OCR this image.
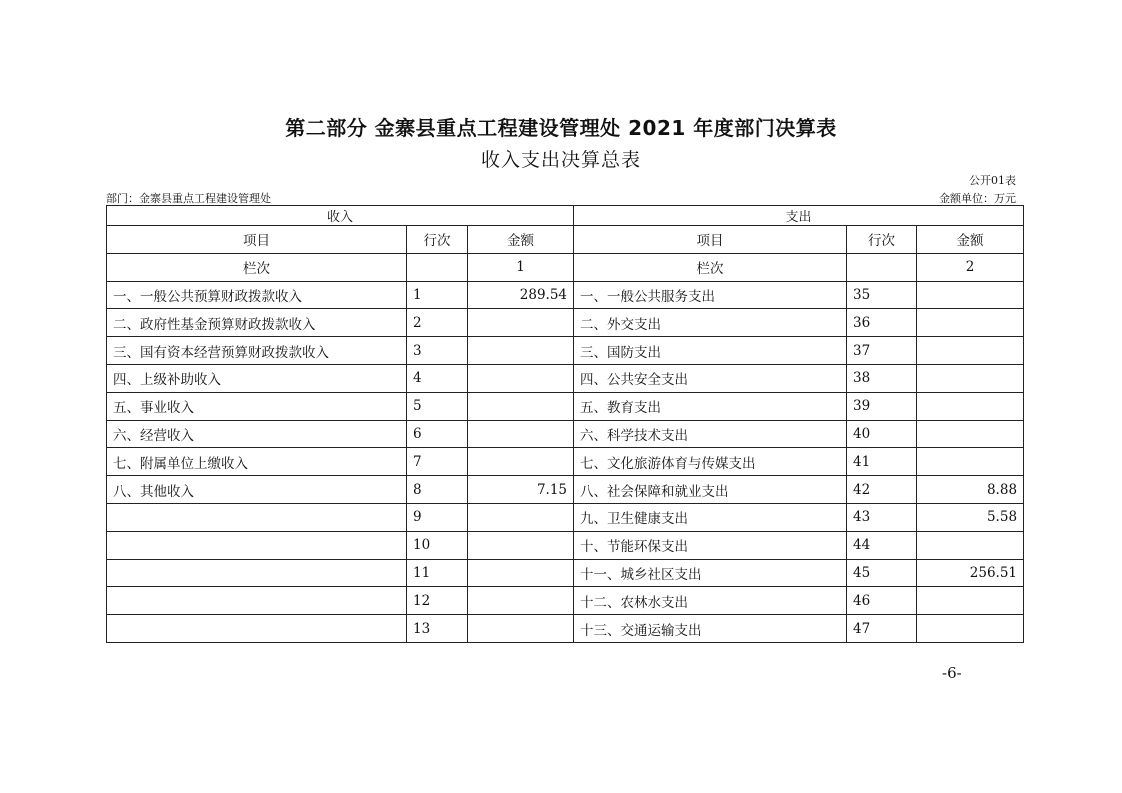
第二部分 金寨县重点工程建设管理处 2021 年度部门决算表
收入支出决算总表
公开01表
部门：金寨县重点工程建设管理处	金额单位：万元
收入			支出		
项目	行次	金额	项目	行次	金额
栏次		1	栏次		2
一、一般公共预算财政拨款收入	1	289.54	一、一般公共服务支出	35	
二、政府性基金预算财政拨款收入	2		二、外交支出	36	
三、国有资本经营预算财政拨款收入	3		三、国防支出	37	
四、上级补助收入	4		四、公共安全支出	38	
五、事业收入	5		五、教育支出	39	
六、经营收入	6		六、科学技术支出	40	
七、附属单位上缴收入	7		七、文化旅游体育与传媒支出	41	
八、其他收入	8	7.15	八、社会保障和就业支出	42	8.88
	9		九、卫生健康支出	43	5.58
	10		十、节能环保支出	44	
	11		十一、城乡社区支出	45	256.51
	12		十二、农林水支出	46	
	13		十三、交通运输支出	47	
-6-
